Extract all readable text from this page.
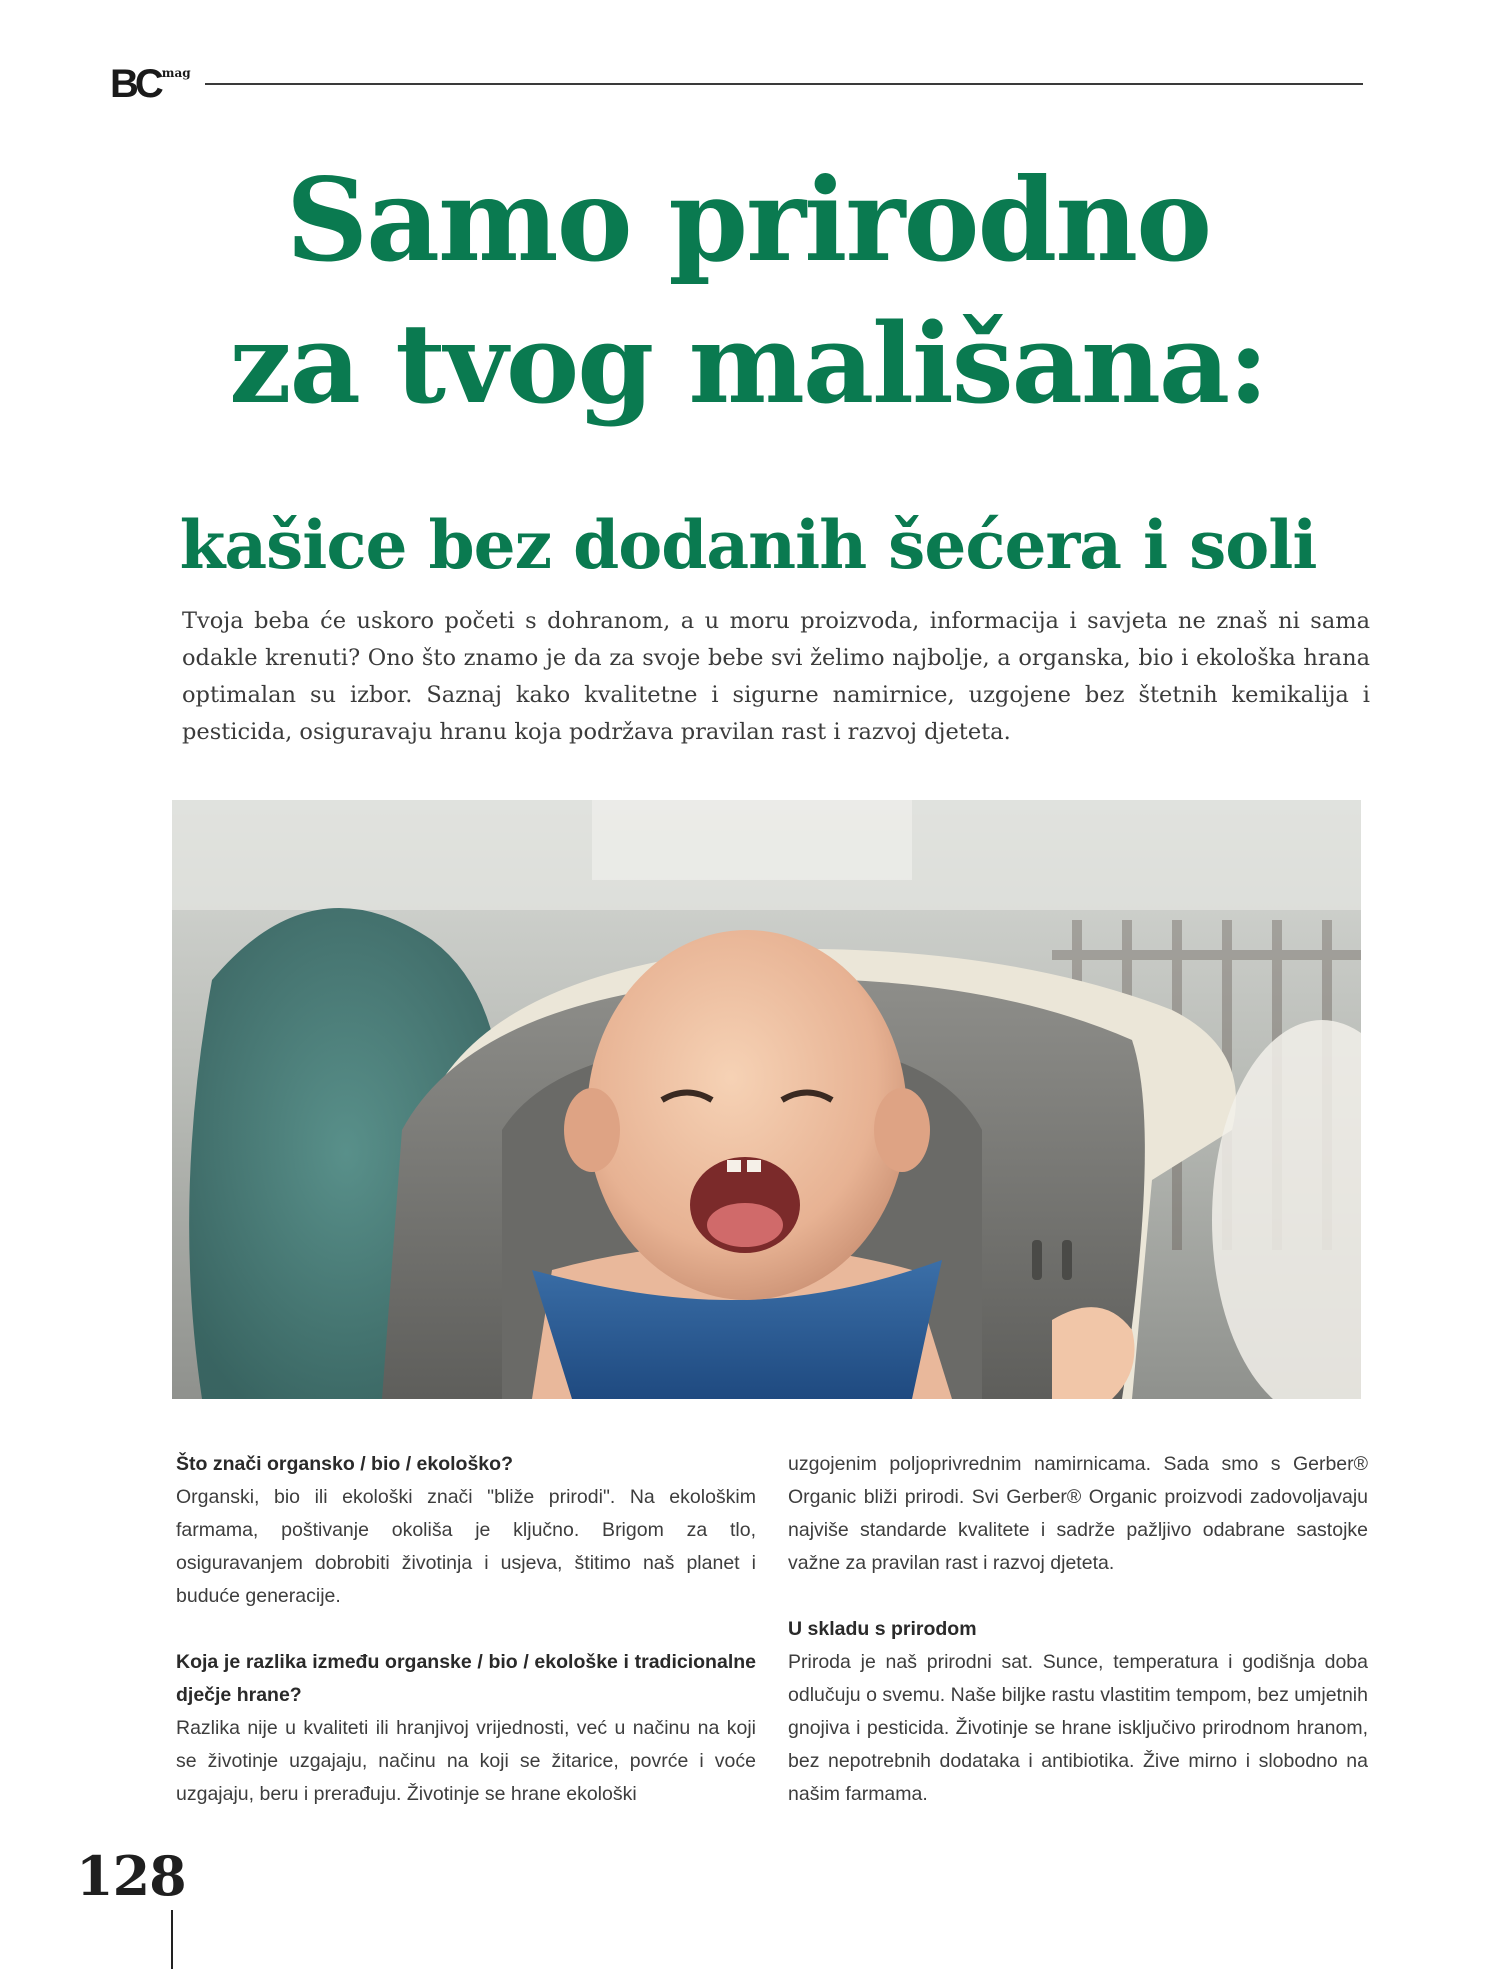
BC mag
Samo prirodno
za tvog mališana:
kašice bez dodanih šećera i soli

Tvoja beba će uskoro početi s dohranom, a u moru proizvoda, informacija i savjeta ne znaš ni sama odakle krenuti? Ono što znamo je da za svoje bebe svi želimo najbolje, a organska, bio i ekološka hrana optimalan su izbor. Saznaj kako kvalitetne i sigurne namirnice, uzgojene bez štetnih kemikalija i pesticida, osiguravaju hranu koja podržava pravilan rast i razvoj djeteta.

Što znači organsko / bio / ekološko?

Organski, bio ili ekološki znači "bliže prirodi". Na ekološkim farmama, poštivanje okoliša je ključno. Brigom za tlo, osiguravanjem dobrobiti životinja i usjeva, štitimo naš planet i buduće generacije.

Koja je razlika između organske / bio / ekološke i tradicionalne dječje hrane?

Razlika nije u kvaliteti ili hranjivoj vrijednosti, već u načinu na koji se životinje uzgajaju, načinu na koji se žitarice, povrće i voće uzgajaju, beru i prerađuju. Životinje se hrane ekološki

uzgojenim poljoprivrednim namirnicama. Sada smo s Gerber® Organic bliži prirodi. Svi Gerber® Organic proizvodi zadovoljavaju najviše standarde kvalitete i sadrže pažljivo odabrane sastojke važne za pravilan rast i razvoj djeteta.

U skladu s prirodom

Priroda je naš prirodni sat. Sunce, temperatura i godišnja doba odlučuju o svemu. Naše biljke rastu vlastitim tempom, bez umjetnih gnojiva i pesticida. Životinje se hrane isključivo prirodnom hranom, bez nepotrebnih dodataka i antibiotika. Žive mirno i slobodno na našim farmama.

128
